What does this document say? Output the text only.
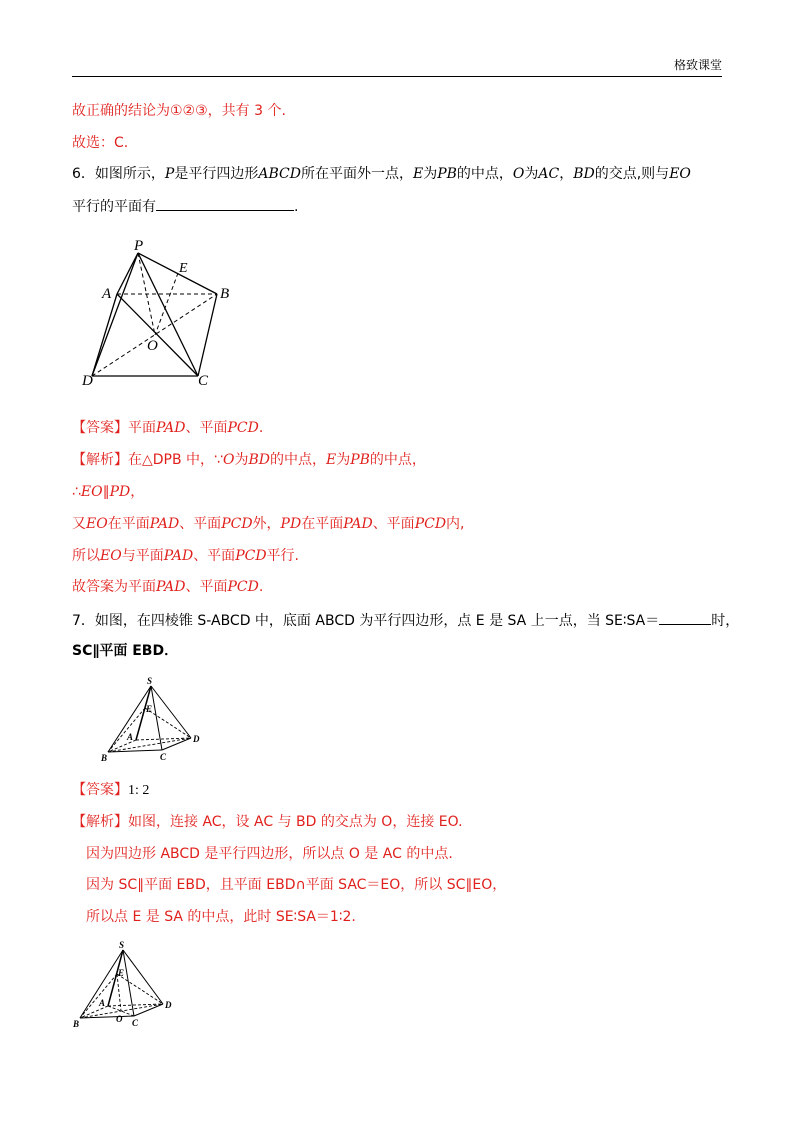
格致课堂
故正确的结论为①②③，共有 3 个.
故选：C.
6．如图所示，P是平行四边形ABCD所在平面外一点，E为PB的中点，O为AC，BD的交点,则与EO
平行的平面有	.
P
E
A	B
O
D	C
【答案】平面PAD、平面PCD.
【解析】在△DPB 中，∵O为BD的中点，E为PB的中点，
∴EO∥PD，
又EO在平面PAD、平面PCD外，PD在平面PAD、平面PCD内,
所以EO与平面PAD、平面PCD平行.
故答案为平面PAD、平面PCD.
7．如图，在四棱锥 S-ABCD 中，底面 ABCD 为平行四边形，点 E 是 SA 上一点，当 SE∶SA＝	时，
SC∥平面 EBD．
S
E
A
B	C
D
【答案】1: 2
【解析】如图，连接 AC，设 AC 与 BD 的交点为 O，连接 EO.
因为四边形 ABCD 是平行四边形，所以点 O 是 AC 的中点.
因为 SC∥平面 EBD，且平面 EBD∩平面 SAC＝EO，所以 SC∥EO，
所以点 E 是 SA 的中点，此时 SE∶SA＝1∶2.
S
E
A
B	O C
D
